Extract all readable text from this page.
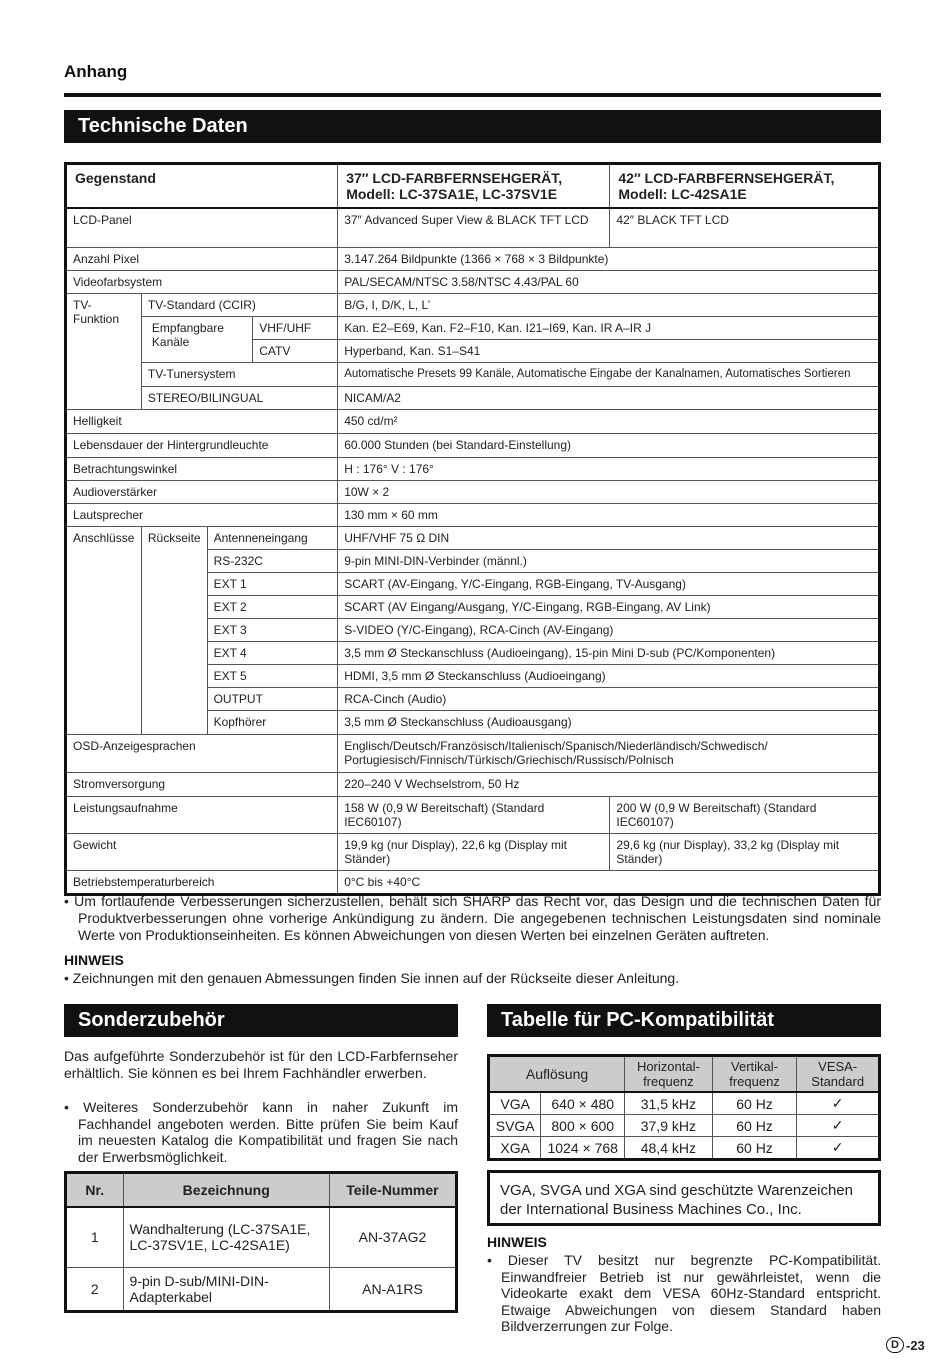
Anhang
Technische Daten
Gegenstand				37″ LCD-FARBFERNSEHGERÄT, Modell: LC-37SA1E, LC-37SV1E	42″ LCD-FARBFERNSEHGERÄT, Modell: LC-42SA1E
LCD-Panel				37″ Advanced Super View & BLACK TFT LCD	42″ BLACK TFT LCD
Anzahl Pixel				3.147.264 Bildpunkte (1366 × 768 × 3 Bildpunkte)	
Videofarbsystem				PAL/SECAM/NTSC 3.58/NTSC 4.43/PAL 60	
TV-Funktion	TV-Standard (CCIR)			B/G, I, D/K, L, L’	
	Empfangbare Kanäle		VHF/UHF	Kan. E2–E69, Kan. F2–F10, Kan. I21–I69, Kan. IR A–IR J	
			CATV	Hyperband, Kan. S1–S41	
	TV-Tunersystem			Automatische Presets 99 Kanäle, Automatische Eingabe der Kanalnamen, Automatisches Sortieren	
	STEREO/BILINGUAL			NICAM/A2	

Helligkeit				450 cd/m²	
Lebensdauer der Hintergrundleuchte				60.000 Stunden (bei Standard-Einstellung)	
Betrachtungswinkel				H : 176° V : 176°	
Audioverstärker				10W × 2	
Lautsprecher				130 mm × 60 mm	
Anschlüsse	Rückseite	Antenneneingang		UHF/VHF 75 Ω DIN	
		RS-232C		9-pin MINI-DIN-Verbinder (männl.)	
		EXT 1		SCART (AV-Eingang, Y/C-Eingang, RGB-Eingang, TV-Ausgang)	
		EXT 2		SCART (AV Eingang/Ausgang, Y/C-Eingang, RGB-Eingang, AV Link)	
		EXT 3		S-VIDEO (Y/C-Eingang), RCA-Cinch (AV-Eingang)	
		EXT 4		3,5 mm Ø Steckanschluss (Audioeingang), 15-pin Mini D-sub (PC/Komponenten)	
		EXT 5		HDMI, 3,5 mm Ø Steckanschluss (Audioeingang)	
		OUTPUT		RCA-Cinch (Audio)	
		Kopfhörer		3,5 mm Ø Steckanschluss (Audioausgang)	
OSD-Anzeigesprachen				Englisch/Deutsch/Französisch/Italienisch/Spanisch/Niederländisch/Schwedisch/ Portugiesisch/Finnisch/Türkisch/Griechisch/Russisch/Polnisch	
Stromversorgung				220–240 V Wechselstrom, 50 Hz	
Leistungsaufnahme				158 W (0,9 W Bereitschaft) (Standard IEC60107)	200 W (0,9 W Bereitschaft) (Standard IEC60107)
Gewicht				19,9 kg (nur Display), 22,6 kg (Display mit Ständer)	29,6 kg (nur Display), 33,2 kg (Display mit Ständer)
Betriebstemperaturbereich				0°C bis +40°C	
• Um fortlaufende Verbesserungen sicherzustellen, behält sich SHARP das Recht vor, das Design und die technischen Daten für Produktverbesserungen ohne vorherige Ankündigung zu ändern. Die angegebenen technischen Leistungsdaten sind nominale Werte von Produktionseinheiten. Es können Abweichungen von diesen Werten bei einzelnen Geräten auftreten.
HINWEIS
• Zeichnungen mit den genauen Abmessungen finden Sie innen auf der Rückseite dieser Anleitung.
Sonderzubehör
Das aufgeführte Sonderzubehör ist für den LCD-Farbfernseher erhältlich. Sie können es bei Ihrem Fachhändler erwerben.
• Weiteres Sonderzubehör kann in naher Zukunft im Fachhandel angeboten werden. Bitte prüfen Sie beim Kauf im neuesten Katalog die Kompatibilität und fragen Sie nach der Erwerbsmöglichkeit.
Nr.	Bezeichnung	Teile-Nummer
1	Wandhalterung (LC-37SA1E, LC-37SV1E, LC-42SA1E)	AN-37AG2
2	9-pin D-sub/MINI-DIN-Adapterkabel	AN-A1RS
Tabelle für PC-Kompatibilität
Auflösung		Horizontal-frequenz	Vertikal-frequenz	VESA-Standard
VGA	640 × 480	31,5 kHz	60 Hz	✓
SVGA	800 × 600	37,9 kHz	60 Hz	✓
XGA	1024 × 768	48,4 kHz	60 Hz	✓
VGA, SVGA und XGA sind geschützte Warenzeichen der International Business Machines Co., Inc.
HINWEIS
• Dieser TV besitzt nur begrenzte PC-Kompatibilität. Einwandfreier Betrieb ist nur gewährleistet, wenn die Videokarte exakt dem VESA 60Hz-Standard entspricht. Etwaige Abweichungen von diesem Standard haben Bildverzerrungen zur Folge.
D -23
